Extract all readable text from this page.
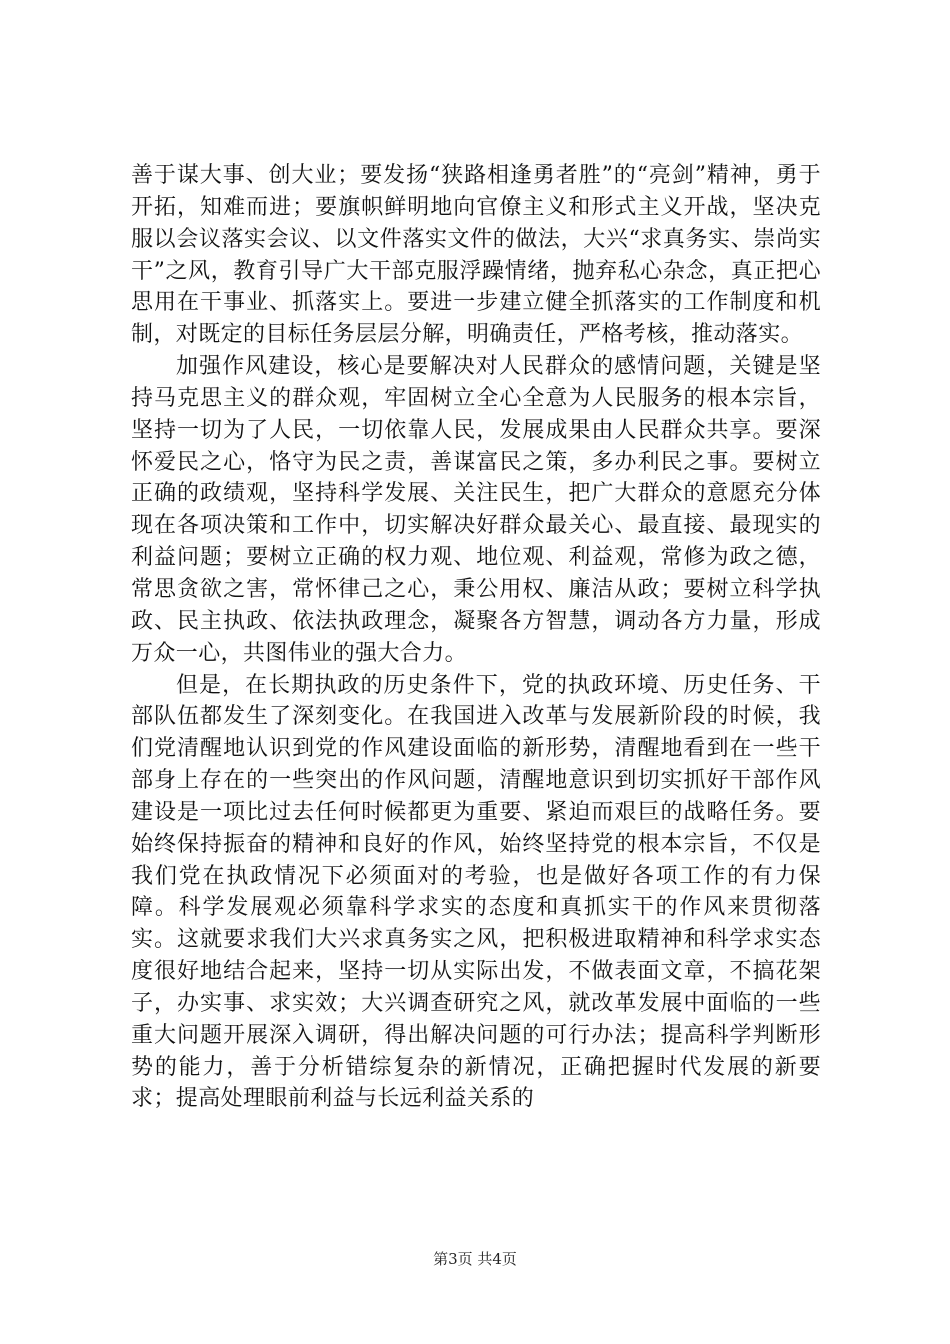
善于谋大事、创大业；要发扬“狭路相逢勇者胜”的“亮剑”精神，勇于开拓，知难而进；要旗帜鲜明地向官僚主义和形式主义开战，坚决克服以会议落实会议、以文件落实文件的做法，大兴“求真务实、崇尚实干”之风，教育引导广大干部克服浮躁情绪，抛弃私心杂念，真正把心思用在干事业、抓落实上。要进一步建立健全抓落实的工作制度和机制，对既定的目标任务层层分解，明确责任，严格考核，推动落实。

加强作风建设，核心是要解决对人民群众的感情问题，关键是坚持马克思主义的群众观，牢固树立全心全意为人民服务的根本宗旨，坚持一切为了人民，一切依靠人民，发展成果由人民群众共享。要深怀爱民之心，恪守为民之责，善谋富民之策，多办利民之事。要树立正确的政绩观，坚持科学发展、关注民生，把广大群众的意愿充分体现在各项决策和工作中，切实解决好群众最关心、最直接、最现实的利益问题；要树立正确的权力观、地位观、利益观，常修为政之德，常思贪欲之害，常怀律己之心，秉公用权、廉洁从政；要树立科学执政、民主执政、依法执政理念，凝聚各方智慧，调动各方力量，形成万众一心，共图伟业的强大合力。

但是，在长期执政的历史条件下，党的执政环境、历史任务、干部队伍都发生了深刻变化。在我国进入改革与发展新阶段的时候，我们党清醒地认识到党的作风建设面临的新形势，清醒地看到在一些干部身上存在的一些突出的作风问题，清醒地意识到切实抓好干部作风建设是一项比过去任何时候都更为重要、紧迫而艰巨的战略任务。要始终保持振奋的精神和良好的作风，始终坚持党的根本宗旨，不仅是我们党在执政情况下必须面对的考验，也是做好各项工作的有力保障。科学发展观必须靠科学求实的态度和真抓实干的作风来贯彻落实。这就要求我们大兴求真务实之风，把积极进取精神和科学求实态度很好地结合起来，坚持一切从实际出发，不做表面文章，不搞花架子，办实事、求实效；大兴调查研究之风，就改革发展中面临的一些重大问题开展深入调研，得出解决问题的可行办法；提高科学判断形势的能力，善于分析错综复杂的新情况，正确把握时代发展的新要求；提高处理眼前利益与长远利益关系的

第3页 共4页
